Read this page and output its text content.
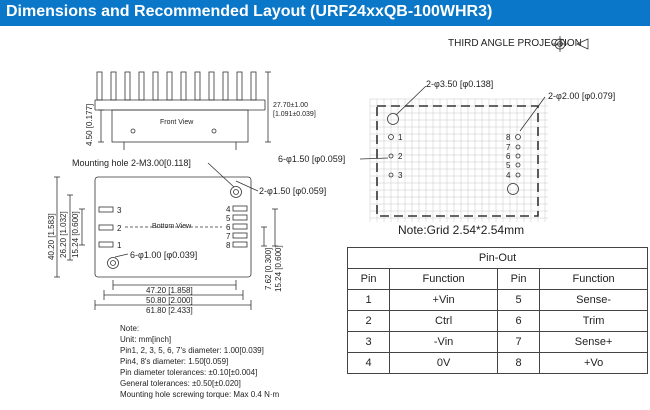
Dimensions and Recommended Layout (URF24xxQB-100WHR3)
THIRD ANGLE PROJECTION
Front View
4.50 [0.177]	27.70±1.00
[1.091±0.039]
Mounting hole 2-M3.00[0.118]
Bottom View
2-φ1.50 [φ0.059]
6-φ1.00 [φ0.039]
3
2
1
4
5
6
7
8
40.20 [1.583] 26.20 [1.032] 15.24 [0.600]
47.20 [1.858]
50.80 [2.000]
61.80 [2.433]
7.62 [0.300] 15.24 [0.600]
2-φ3.50 [φ0.138]
2-φ2.00 [φ0.079]
6-φ1.50 [φ0.059]
1
2
3
8
7
6
5
4
Note:Grid 2.54*2.54mm
Note:
Unit: mm[inch]
Pin1, 2, 3, 5, 6, 7's diameter: 1.00[0.039]
Pin4, 8's diameter: 1.50[0.059]
Pin diameter tolerances: ±0.10[±0.004]
General tolerances: ±0.50[±0.020]
Mounting hole screwing torque: Max 0.4 N·m
Pin-Out			
Pin	Function	Pin	Function
1	+Vin	5	Sense-
2	Ctrl	6	Trim
3	-Vin	7	Sense+
4	0V	8	+Vo
